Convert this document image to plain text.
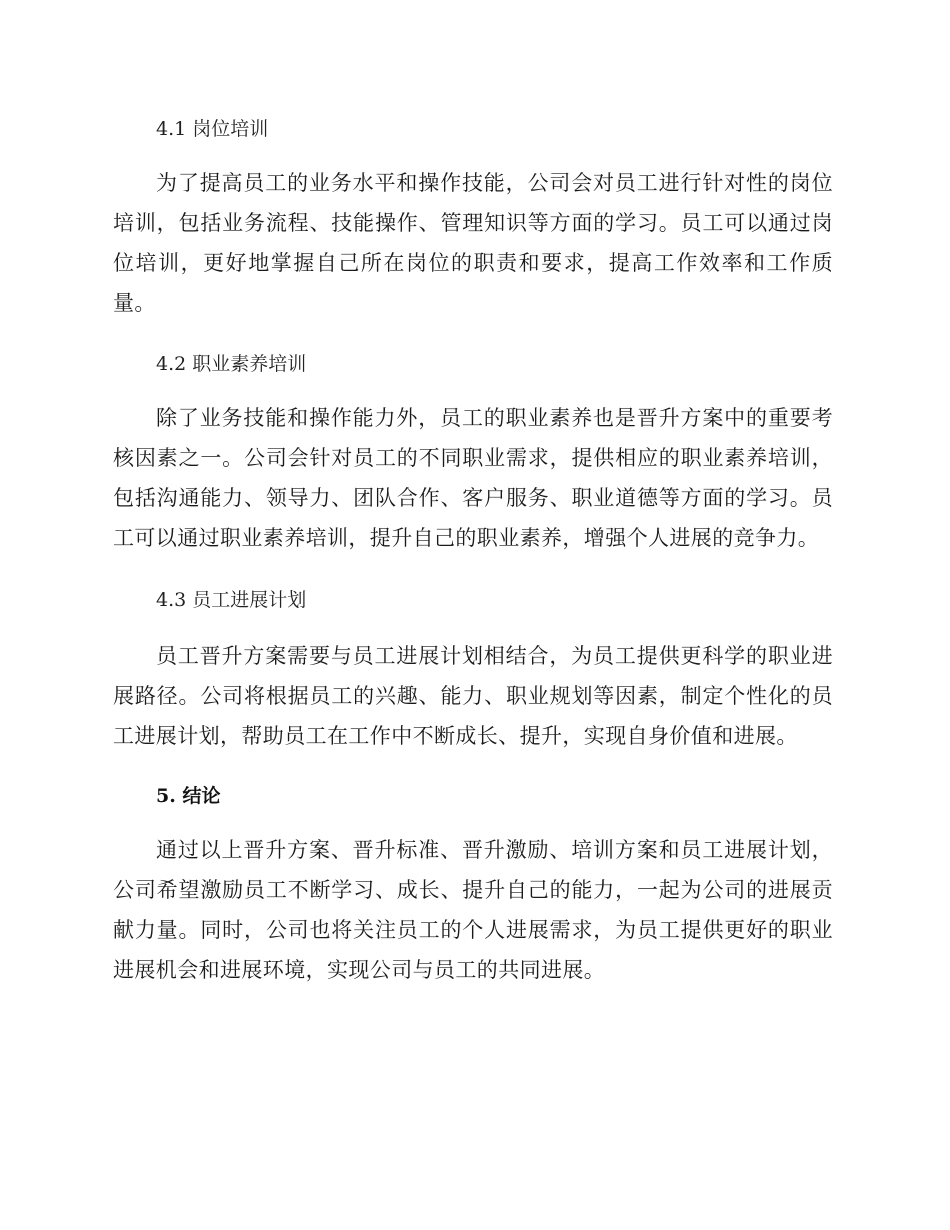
4.1 岗位培训

为了提高员工的业务水平和操作技能，公司会对员工进行针对性的岗位培训，包括业务流程、技能操作、管理知识等方面的学习。员工可以通过岗位培训，更好地掌握自己所在岗位的职责和要求，提高工作效率和工作质量。

4.2 职业素养培训

除了业务技能和操作能力外，员工的职业素养也是晋升方案中的重要考核因素之一。公司会针对员工的不同职业需求，提供相应的职业素养培训，包括沟通能力、领导力、团队合作、客户服务、职业道德等方面的学习。员工可以通过职业素养培训，提升自己的职业素养，增强个人进展的竞争力。

4.3 员工进展计划

员工晋升方案需要与员工进展计划相结合，为员工提供更科学的职业进展路径。公司将根据员工的兴趣、能力、职业规划等因素，制定个性化的员工进展计划，帮助员工在工作中不断成长、提升，实现自身价值和进展。

5. 结论

通过以上晋升方案、晋升标准、晋升激励、培训方案和员工进展计划，公司希望激励员工不断学习、成长、提升自己的能力，一起为公司的进展贡献力量。同时，公司也将关注员工的个人进展需求，为员工提供更好的职业进展机会和进展环境，实现公司与员工的共同进展。
